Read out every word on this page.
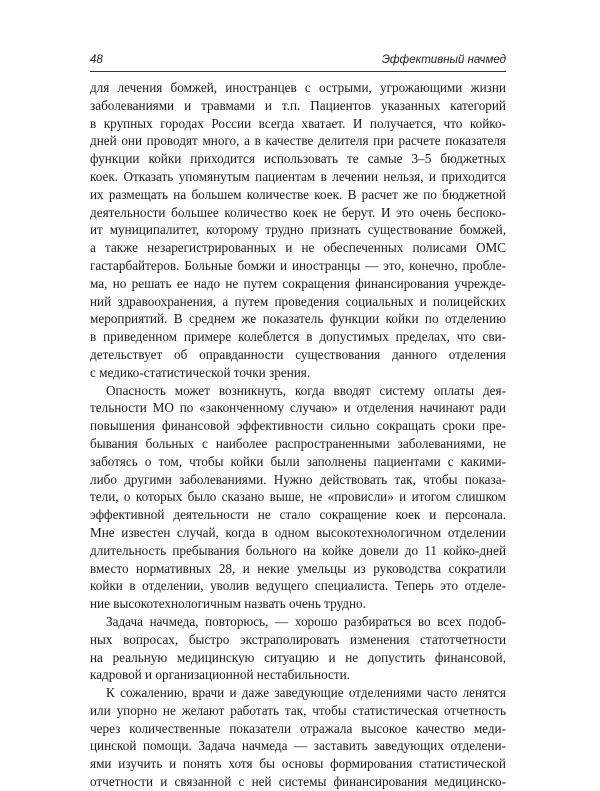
48	Эффективный начмед
для лечения бомжей, иностранцев с острыми, угрожающими жизни
заболеваниями и травмами и т.п. Пациентов указанных категорий
в крупных городах России всегда хватает. И получается, что койко-
дней они проводят много, а в качестве делителя при расчете показателя
функции койки приходится использовать те самые 3–5 бюджетных
коек. Отказать упомянутым пациентам в лечении нельзя, и приходится
их размещать на большем количестве коек. В расчет же по бюджетной
деятельности большее количество коек не берут. И это очень беспоко-
ит муниципалитет, которому трудно признать существование бомжей,
а также незарегистрированных и не обеспеченных полисами ОМС
гастарбайтеров. Больные бомжи и иностранцы — это, конечно, пробле-
ма, но решать ее надо не путем сокращения финансирования учрежде-
ний здравоохранения, а путем проведения социальных и полицейских
мероприятий. В среднем же показатель функции койки по отделению
в приведенном примере колеблется в допустимых пределах, что сви-
детельствует об оправданности существования данного отделения
с медико-статистической точки зрения.
Опасность может возникнуть, когда вводят систему оплаты дея-
тельности МО по «законченному случаю» и отделения начинают ради
повышения финансовой эффективности сильно сокращать сроки пре-
бывания больных с наиболее распространенными заболеваниями, не
заботясь о том, чтобы койки были заполнены пациентами с какими-
либо другими заболеваниями. Нужно действовать так, чтобы показа-
тели, о которых было сказано выше, не «провисли» и итогом слишком
эффективной деятельности не стало сокращение коек и персонала.
Мне известен случай, когда в одном высокотехнологичном отделении
длительность пребывания больного на койке довели до 11 койко-дней
вместо нормативных 28, и некие умельцы из руководства сократили
койки в отделении, уволив ведущего специалиста. Теперь это отделе-
ние высокотехнологичным назвать очень трудно.
Задача начмеда, повторюсь, — хорошо разбираться во всех подоб-
ных вопросах, быстро экстраполировать изменения статотчетности
на реальную медицинскую ситуацию и не допустить финансовой,
кадровой и организационной нестабильности.
К сожалению, врачи и даже заведующие отделениями часто ленятся
или упорно не желают работать так, чтобы статистическая отчетность
через количественные показатели отражала высокое качество меди-
цинской помощи. Задача начмеда — заставить заведующих отделени-
ями изучить и понять хотя бы основы формирования статистической
отчетности и связанной с ней системы финансирования медицинско-
